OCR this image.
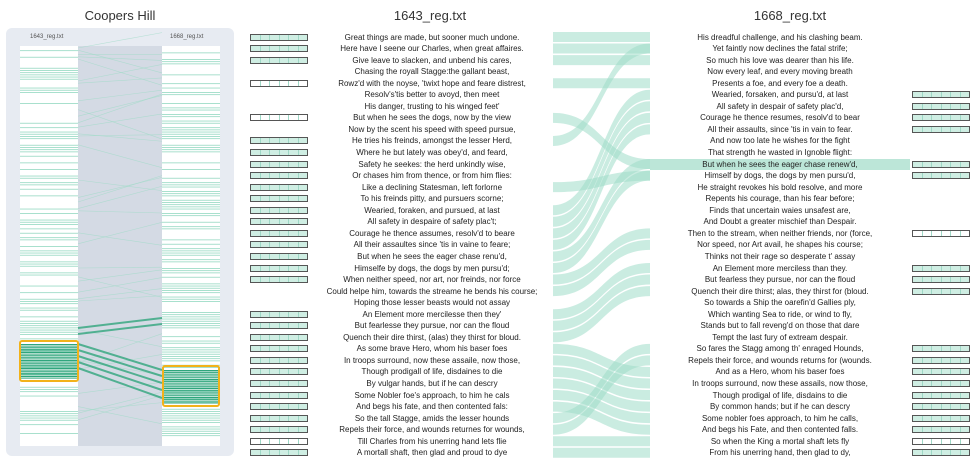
Coopers Hill	1643_reg.txt	1668_reg.txt
1643_reg.txt	1668_reg.txt	Great things are made, but sooner much undone.
Here have I seene our Charles, when great affaires.
Give leave to slacken, and unbend his cares,
Chasing the royall Stagge:the gallant beast,
Rowz'd with the noyse, 'twixt hope and feare distrest,
Resolv's'tis better to avoyd, then meet
His danger, trusting to his winged feet'
But when he sees the dogs, now by the view
Now by the scent his speed with speed pursue,
He tries his freinds, amongst the lesser Herd,
Where he but lately was obey'd, and feard,
Safety he seekes: the herd unkindly wise,
Or chases him from thence, or from him flies:
Like a declining Statesman, left forlorne
To his freinds pitty, and pursuers scorne;
Wearied, foraken, and pursued, at last
All safety in despaire of safety plac't;
Courage he thence assumes, resolv'd to beare
All their assaultes since 'tis in vaine to feare;
But when he sees the eager chase renu'd,
Himselfe by dogs, the dogs by men pursu'd;
When neither speed, nor art, nor freinds, nor force
Could helpe him, towards the streame he bends his course;
Hoping those lesser beasts would not assay
An Element more mercilesse then they'
But fearlesse they pursue, nor can the floud
Quench their dire thirst, (alas) they thirst for bloud.
As some brave Hero, whom his baser foes
In troops surround, now these assaile, now those,
Though prodigall of life, disdaines to die
By vulgar hands, but if he can descry
Some Nobler foe's approach, to him he cals
And begs his fate, and then contented fals:
So the tall Stagge, amids the lesser hounds
Repels their force, and wounds returnes for wounds,
Till Charles from his unerring hand lets flie
A mortall shaft, then glad and proud to dye
His dreadful challenge, and his clashing beam.
Yet faintly now declines the fatal strife;
So much his love was dearer than his life.
Now every leaf, and every moving breath
Presents a foe, and every foe a death.
Wearied, forsaken, and pursu'd, at last
All safety in despair of safety plac'd,
Courage he thence resumes, resolv'd to bear
All their assaults, since 'tis in vain to fear.
And now too late he wishes for the fight
That strength he wasted in Ignoble flight:
But when he sees the eager chase renew'd,
Himself by dogs, the dogs by men pursu'd,
He straight revokes his bold resolve, and more
Repents his courage, than his fear before;
Finds that uncertain waies unsafest are,
And Doubt a greater mischief than Despair.
Then to the stream, when neither friends, nor (force,
Nor speed, nor Art avail, he shapes his course;
Thinks not their rage so desperate t' assay
An Element more merciless than they.
But fearless they pursue, nor can the floud
Quench their dire thirst; alas, they thirst for (bloud.
So towards a Ship the oarefin'd Gallies ply,
Which wanting Sea to ride, or wind to fly,
Stands but to fall reveng'd on those that dare
Tempt the last fury of extream despair.
So fares the Stagg among th' enraged Hounds,
Repels their force, and wounds returns for (wounds.
And as a Hero, whom his baser foes
In troops surround, now these assails, now those,
Though prodigal of life, disdains to die
By common hands; but if he can descry
Some nobler foes approach, to him he calls,
And begs his Fate, and then contented falls.
So when the King a mortal shaft lets fly
From his unerring hand, then glad to dy,
